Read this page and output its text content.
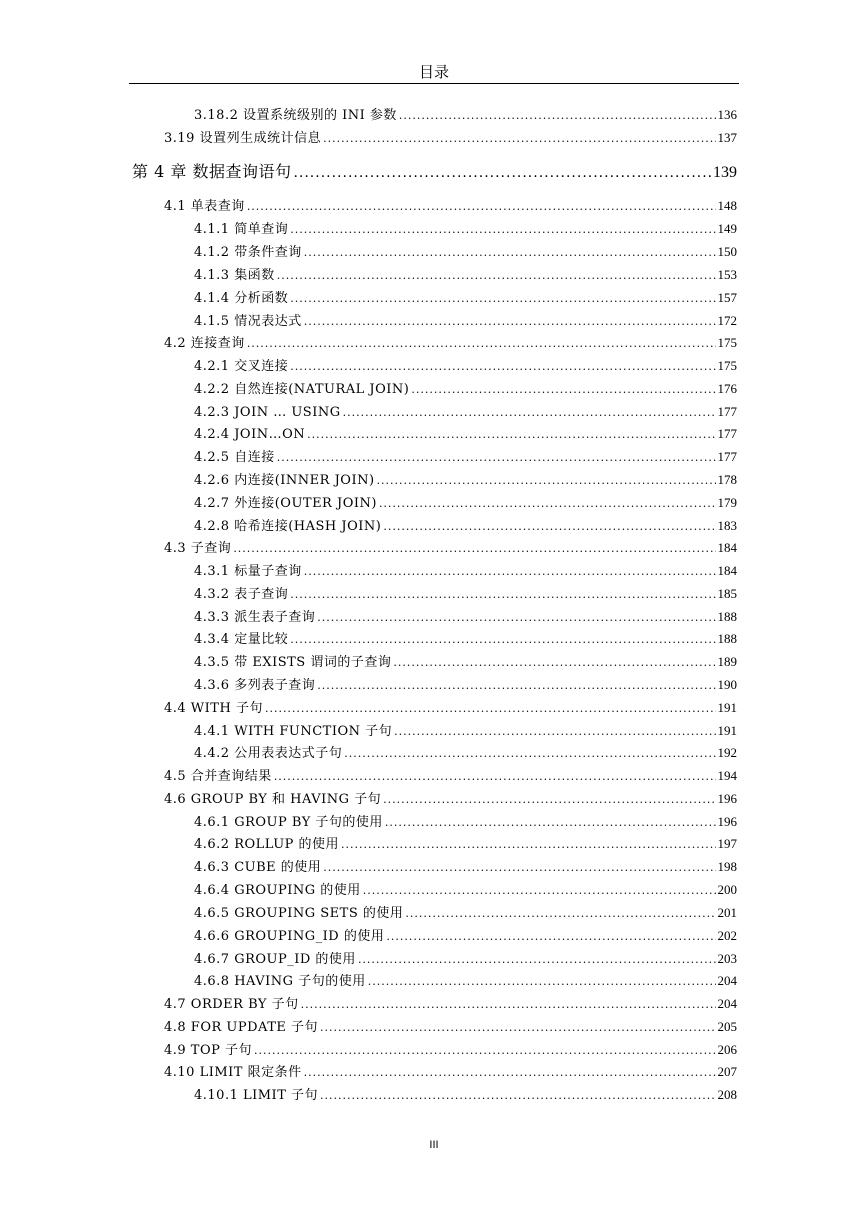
目录
3.18.2 设置系统级别的 INI 参数 .....	136
3.19 设置列生成统计信息 .....	137
第 4 章 数据查询语句 .....	139
4.1 单表查询 .....	148
4.1.1 简单查询 .....	149
4.1.2 带条件查询 .....	150
4.1.3 集函数 .....	153
4.1.4 分析函数 .....	157
4.1.5 情况表达式 .....	172
4.2 连接查询 .....	175
4.2.1 交叉连接 .....	175
4.2.2 自然连接(NATURAL JOIN) .....	176
4.2.3 JOIN … USING .....	177
4.2.4 JOIN…ON .....	177
4.2.5 自连接 .....	177
4.2.6 内连接(INNER JOIN) .....	178
4.2.7 外连接(OUTER JOIN) .....	179
4.2.8 哈希连接(HASH JOIN) .....	183
4.3 子查询 .....	184
4.3.1 标量子查询 .....	184
4.3.2 表子查询 .....	185
4.3.3 派生表子查询 .....	188
4.3.4 定量比较 .....	188
4.3.5 带 EXISTS 谓词的子查询 .....	189
4.3.6 多列表子查询 .....	190
4.4 WITH 子句 .....	191
4.4.1 WITH FUNCTION 子句 .....	191
4.4.2 公用表表达式子句 .....	192
4.5 合并查询结果 .....	194
4.6 GROUP BY 和 HAVING 子句 .....	196
4.6.1 GROUP BY 子句的使用 .....	196
4.6.2 ROLLUP 的使用 .....	197
4.6.3 CUBE 的使用 .....	198
4.6.4 GROUPING 的使用 .....	200
4.6.5 GROUPING SETS 的使用 .....	201
4.6.6 GROUPING_ID 的使用 .....	202
4.6.7 GROUP_ID 的使用 .....	203
4.6.8 HAVING 子句的使用 .....	204
4.7 ORDER BY 子句 .....	204
4.8 FOR UPDATE 子句 .....	205
4.9 TOP 子句 .....	206
4.10 LIMIT 限定条件 .....	207
4.10.1 LIMIT 子句 .....	208
III
